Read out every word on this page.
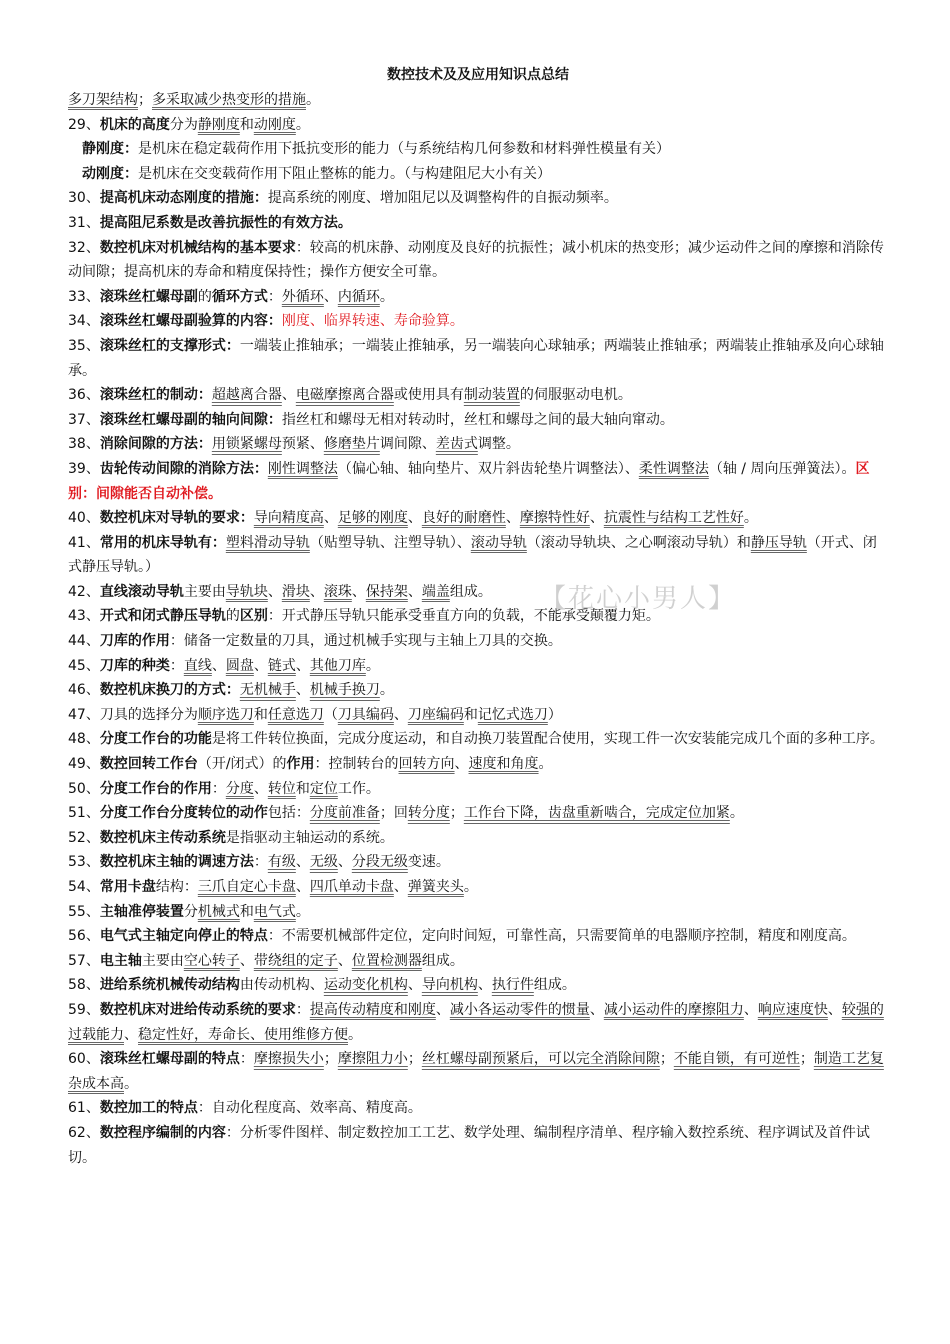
数控技术及及应用知识点总结
多刀架结构；多采取减少热变形的措施。
29、机床的高度分为静刚度和动刚度。
静刚度：是机床在稳定载荷作用下抵抗变形的能力（与系统结构几何参数和材料弹性模量有关）
动刚度：是机床在交变载荷作用下阻止整栋的能力。（与构建阻尼大小有关）
30、提高机床动态刚度的措施：提高系统的刚度、增加阻尼以及调整构件的自振动频率。
31、提高阻尼系数是改善抗振性的有效方法。
32、数控机床对机械结构的基本要求：较高的机床静、动刚度及良好的抗振性；减小机床的热变形；减少运动件之间的摩擦和消除传动间隙；提高机床的寿命和精度保持性；操作方便安全可靠。
33、滚珠丝杠螺母副的循环方式：外循环、内循环。
34、滚珠丝杠螺母副验算的内容：刚度、临界转速、寿命验算。
35、滚珠丝杠的支撑形式：一端装止推轴承；一端装止推轴承，另一端装向心球轴承；两端装止推轴承；两端装止推轴承及向心球轴承。
36、滚珠丝杠的制动：超越离合器、电磁摩擦离合器或使用具有制动装置的伺服驱动电机。
37、滚珠丝杠螺母副的轴向间隙：指丝杠和螺母无相对转动时，丝杠和螺母之间的最大轴向窜动。
38、消除间隙的方法：用锁紧螺母预紧、修磨垫片调间隙、差齿式调整。
39、齿轮传动间隙的消除方法：刚性调整法（偏心轴、轴向垫片、双片斜齿轮垫片调整法）、柔性调整法（轴 / 周向压弹簧法）。区别：间隙能否自动补偿。
40、数控机床对导轨的要求：导向精度高、足够的刚度、良好的耐磨性、摩擦特性好、抗震性与结构工艺性好。
41、常用的机床导轨有：塑料滑动导轨（贴塑导轨、注塑导轨）、滚动导轨（滚动导轨块、之心啊滚动导轨）和静压导轨（开式、闭式静压导轨。）
42、直线滚动导轨主要由导轨块、滑块、滚珠、保持架、端盖组成。
43、开式和闭式静压导轨的区别：开式静压导轨只能承受垂直方向的负载，不能承受颠覆力矩。
44、刀库的作用：储备一定数量的刀具，通过机械手实现与主轴上刀具的交换。
45、刀库的种类：直线、圆盘、链式、其他刀库。
46、数控机床换刀的方式：无机械手、机械手换刀。
47、刀具的选择分为顺序选刀和任意选刀（刀具编码、刀座编码和记忆式选刀）
48、分度工作台的功能是将工件转位换面，完成分度运动，和自动换刀装置配合使用，实现工件一次安装能完成几个面的多种工序。
49、数控回转工作台（开/闭式）的作用：控制转台的回转方向、速度和角度。
50、分度工作台的作用：分度、转位和定位工作。
51、分度工作台分度转位的动作包括：分度前准备；回转分度；工作台下降，齿盘重新啮合，完成定位加紧。
52、数控机床主传动系统是指驱动主轴运动的系统。
53、数控机床主轴的调速方法：有级、无级、分段无级变速。
54、常用卡盘结构：三爪自定心卡盘、四爪单动卡盘、弹簧夹头。
55、主轴准停装置分机械式和电气式。
56、电气式主轴定向停止的特点：不需要机械部件定位，定向时间短，可靠性高，只需要简单的电器顺序控制，精度和刚度高。
57、电主轴主要由空心转子、带绕组的定子、位置检测器组成。
58、进给系统机械传动结构由传动机构、运动变化机构、导向机构、执行件组成。
59、数控机床对进给传动系统的要求：提高传动精度和刚度、减小各运动零件的惯量、减小运动件的摩擦阻力、响应速度快、较强的过载能力、稳定性好，寿命长、使用维修方便。
60、滚珠丝杠螺母副的特点：摩擦损失小；摩擦阻力小；丝杠螺母副预紧后，可以完全消除间隙；不能自锁，有可逆性；制造工艺复杂成本高。
61、数控加工的特点：自动化程度高、效率高、精度高。
62、数控程序编制的内容：分析零件图样、制定数控加工工艺、数学处理、编制程序清单、程序输入数控系统、程序调试及首件试切。
【花心小男人】
